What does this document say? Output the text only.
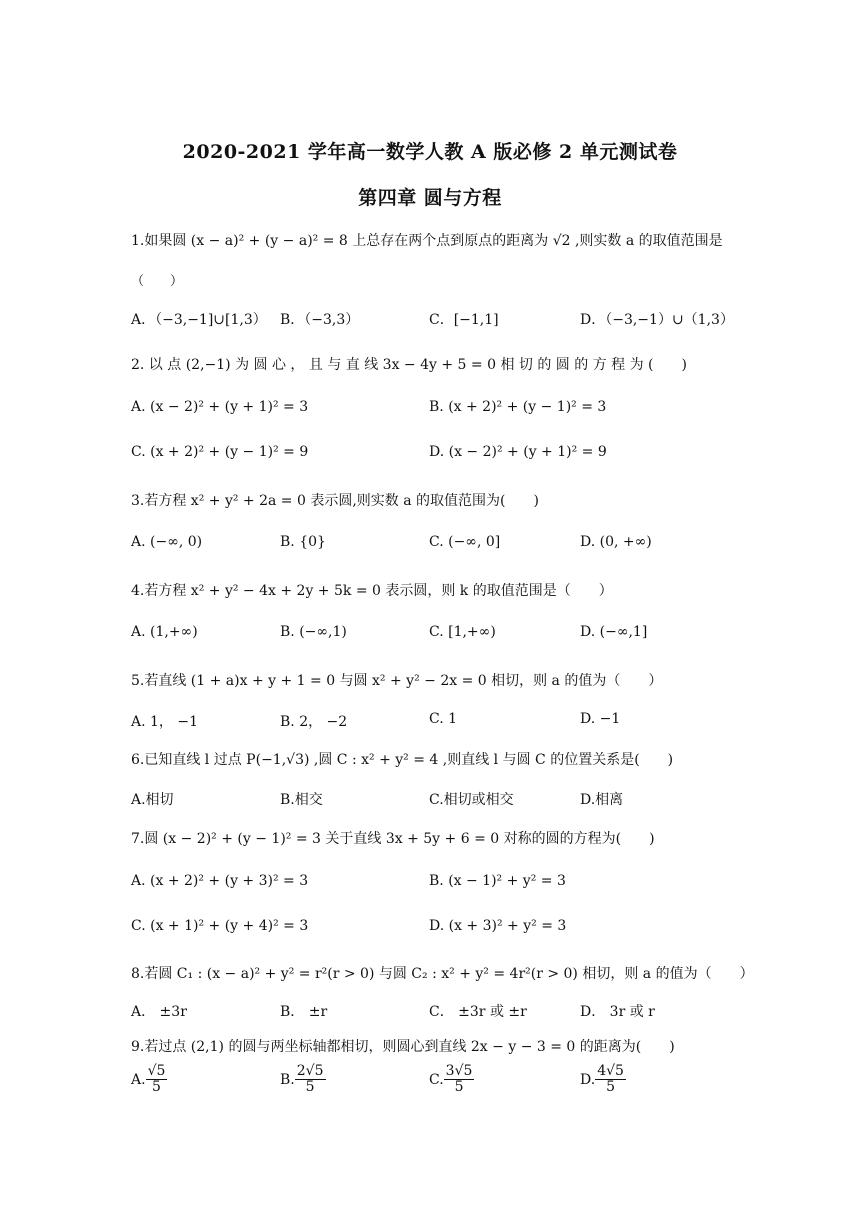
2020-2021 学年高一数学人教 A 版必修 2 单元测试卷
第四章 圆与方程
1.如果圆 (x − a)² + (y − a)² = 8 上总存在两个点到原点的距离为 √2 ,则实数 a 的取值范围是
（　　）
A．（−3,−1]∪[1,3） B．（−3,3）	C．[−1,1]	D．（−3,−1）∪（1,3）
2. 以 点 (2,−1) 为 圆 心 ， 且 与 直 线 3x − 4y + 5 = 0 相 切 的 圆 的 方 程 为 (　　)
A. (x − 2)² + (y + 1)² = 3	B. (x + 2)² + (y − 1)² = 3
C. (x + 2)² + (y − 1)² = 9	D. (x − 2)² + (y + 1)² = 9
3.若方程 x² + y² + 2a = 0 表示圆,则实数 a 的取值范围为(　　)
A. (−∞, 0)	B. {0}	C. (−∞, 0]	D. (0, +∞)
4.若方程 x² + y² − 4x + 2y + 5k = 0 表示圆，则 k 的取值范围是（　　）
A. (1,+∞)	B. (−∞,1)	C. [1,+∞)	D. (−∞,1]
5.若直线 (1 + a)x + y + 1 = 0 与圆 x² + y² − 2x = 0 相切，则 a 的值为（　　）
A. 1， −1	B. 2， −2	C. 1	D. −1
6.已知直线 l 过点 P(−1,√3) ,圆 C : x² + y² = 4 ,则直线 l 与圆 C 的位置关系是(　　)
A.相切	B.相交	C.相切或相交	D.相离
7.圆 (x − 2)² + (y − 1)² = 3 关于直线 3x + 5y + 6 = 0 对称的圆的方程为(　　)
A. (x + 2)² + (y + 3)² = 3	B. (x − 1)² + y² = 3
C. (x + 1)² + (y + 4)² = 3	D. (x + 3)² + y² = 3
8.若圆 C₁ : (x − a)² + y² = r²(r > 0) 与圆 C₂ : x² + y² = 4r²(r > 0) 相切，则 a 的值为（　　）
A． ±3r	B． ±r	C． ±3r 或 ±r	D． 3r 或 r
9.若过点 (2,1) 的圆与两坐标轴都相切，则圆心到直线 2x − y − 3 = 0 的距离为(　　)
A. $\frac{√5}{5}$	B. $\frac{2√5}{5}$	C. $\frac{3√5}{5}$	D. $\frac{4√5}{5}$
